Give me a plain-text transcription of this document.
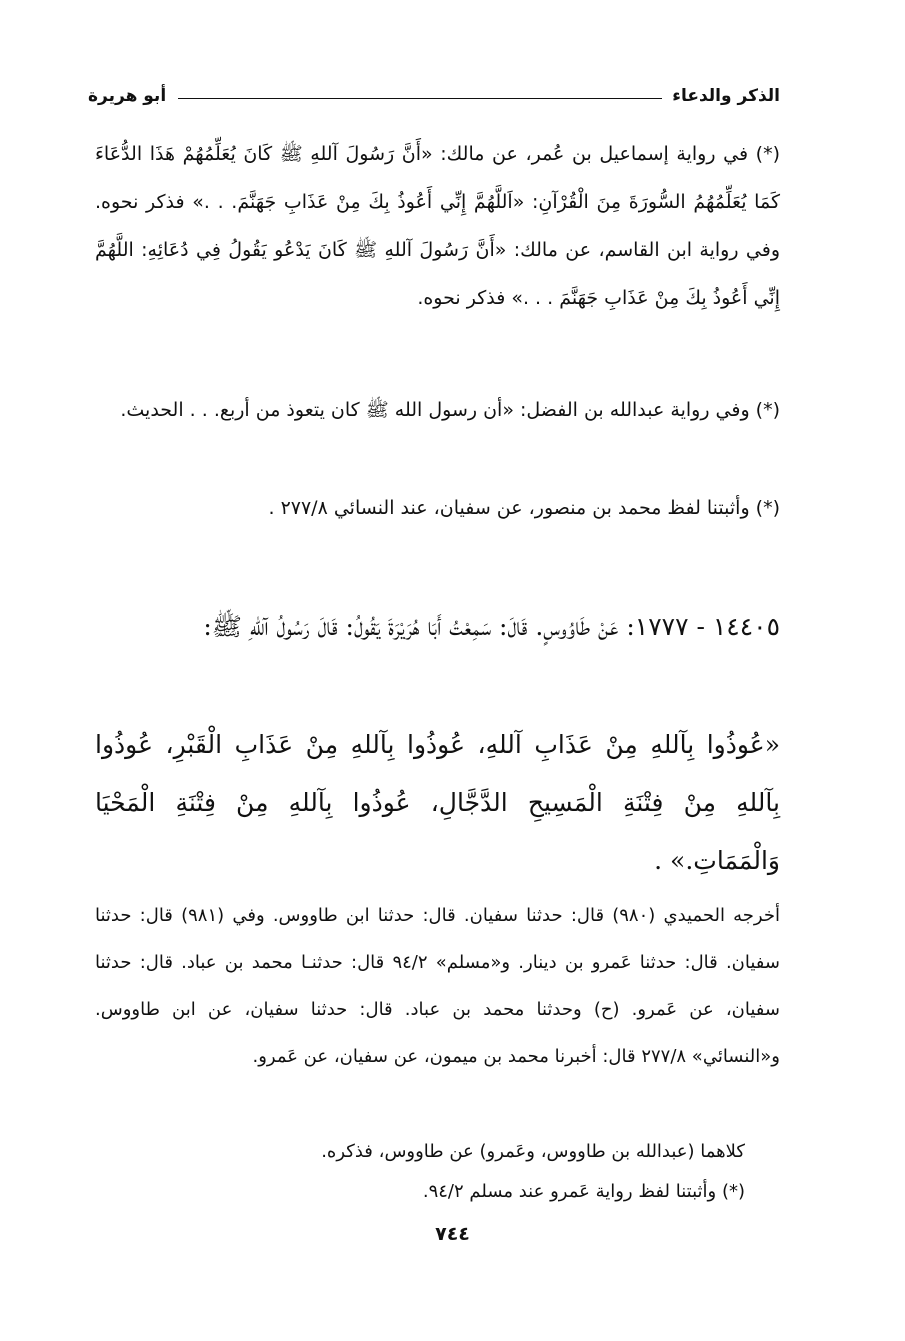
الذكر والدعاء
أبو هريرة

(*) في رواية إسماعيل بن عُمر، عن مالك: «أَنَّ رَسُولَ آللهِ ﷺ كَانَ يُعَلِّمُهُمْ هَذَا الدُّعَاءَ كَمَا يُعَلِّمُهُمُ السُّورَةَ مِنَ الْقُرْآنِ: «اَللَّهُمَّ إِنِّي أَعُوذُ بِكَ مِنْ عَذَابِ جَهَنَّمَ. . .» فذكر نحوه. وفي رواية ابن القاسم، عن مالك: «أَنَّ رَسُولَ آللهِ ﷺ كَانَ يَدْعُو يَقُولُ فِي دُعَائِهِ: اللَّهُمَّ إِنِّي أَعُوذُ بِكَ مِنْ عَذَابِ جَهَنَّمَ . . .» فذكر نحوه.

(*) وفي رواية عبدالله بن الفضل: «أن رسول الله ﷺ كان يتعوذ من أربع. . . الحديث.

(*) وأثبتنا لفظ محمد بن منصور، عن سفيان، عند النسائي ٢٧٧/٨ .

١٤٤٠٥ - ١٧٧٧: عَنْ طَاوُوسٍ. قَالَ: سَمِعْتُ أَبَا هُرَيْرَةَ يَقُولُ: قَالَ رَسُولُ آللهِ ﷺ:

«عُوذُوا بِآللهِ مِنْ عَذَابِ آللهِ، عُوذُوا بِآللهِ مِنْ عَذَابِ الْقَبْرِ، عُوذُوا بِآللهِ مِنْ فِتْنَةِ الْمَسِيحِ الدَّجَّالِ، عُوذُوا بِآللهِ مِنْ فِتْنَةِ الْمَحْيَا وَالْمَمَاتِ.» .

أخرجه الحميدي (٩٨٠) قال: حدثنا سفيان. قال: حدثنا ابن طاووس. وفي (٩٨١) قال: حدثنا سفيان. قال: حدثنا عَمرو بن دينار. و«مسلم» ٩٤/٢ قال: حدثنـا محمد بن عباد. قال: حدثنا سفيان، عن عَمرو. (ح) وحدثنا محمد بن عباد. قال: حدثنا سفيان، عن ابن طاووس. و«النسائي» ٢٧٧/٨ قال: أخبرنا محمد بن ميمون، عن سفيان، عن عَمرو.

كلاهما (عبدالله بن طاووس، وعَمرو) عن طاووس، فذكره.

(*) وأثبتنا لفظ رواية عَمرو عند مسلم ٩٤/٢.

٧٤٤
